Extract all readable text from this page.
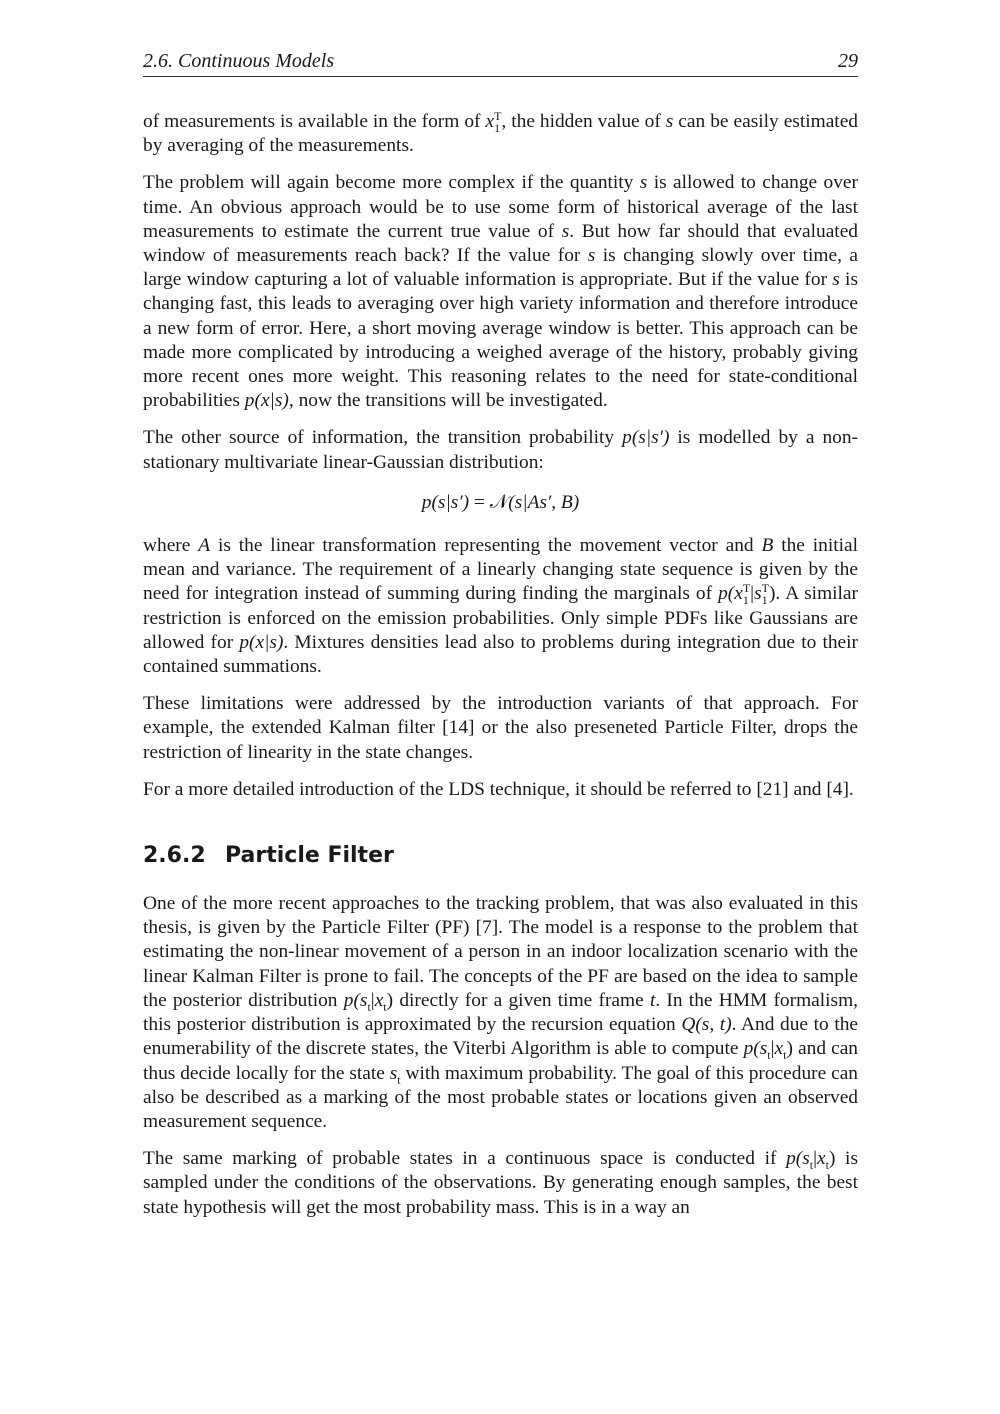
2.6. Continuous Models	29

of measurements is available in the form of $x_1^T$, the hidden value of s can be easily estimated by averaging of the measurements.

The problem will again become more complex if the quantity s is allowed to change over time. An obvious approach would be to use some form of historical average of the last measurements to estimate the current true value of s. But how far should that evaluated window of measurements reach back? If the value for s is changing slowly over time, a large window capturing a lot of valuable information is appropriate. But if the value for s is changing fast, this leads to averaging over high variety information and therefore introduce a new form of error. Here, a short moving average window is better. This approach can be made more complicated by introducing a weighed average of the history, probably giving more recent ones more weight. This reasoning relates to the need for state-conditional probabilities p(x|s), now the transitions will be investigated.

The other source of information, the transition probability p(s|s′) is modelled by a non-stationary multivariate linear-Gaussian distribution:

p(s|s′) = 𝒩(s|As′, B)

where A is the linear transformation representing the movement vector and B the initial mean and variance. The requirement of a linearly changing state sequence is given by the need for integration instead of summing during finding the marginals of $p(x_1^T|s_1^T)$. A similar restriction is enforced on the emission probabilities. Only simple PDFs like Gaussians are allowed for p(x|s). Mixtures densities lead also to problems during integration due to their contained summations.

These limitations were addressed by the introduction variants of that approach. For example, the extended Kalman filter [14] or the also preseneted Particle Filter, drops the restriction of linearity in the state changes.

For a more detailed introduction of the LDS technique, it should be referred to [21] and [4].

2.6.2 Particle Filter

One of the more recent approaches to the tracking problem, that was also evaluated in this thesis, is given by the Particle Filter (PF) [7]. The model is a response to the problem that estimating the non-linear movement of a person in an indoor localization scenario with the linear Kalman Filter is prone to fail. The concepts of the PF are based on the idea to sample the posterior distribution $p(s_t|x_t)$ directly for a given time frame t. In the HMM formalism, this posterior distribution is approximated by the recursion equation Q(s, t). And due to the enumerability of the discrete states, the Viterbi Algorithm is able to compute $p(s_t|x_t)$ and can thus decide locally for the state $s_t$ with maximum probability. The goal of this procedure can also be described as a marking of the most probable states or locations given an observed measurement sequence.

The same marking of probable states in a continuous space is conducted if $p(s_t|x_t)$ is sampled under the conditions of the observations. By generating enough samples, the best state hypothesis will get the most probability mass. This is in a way an
